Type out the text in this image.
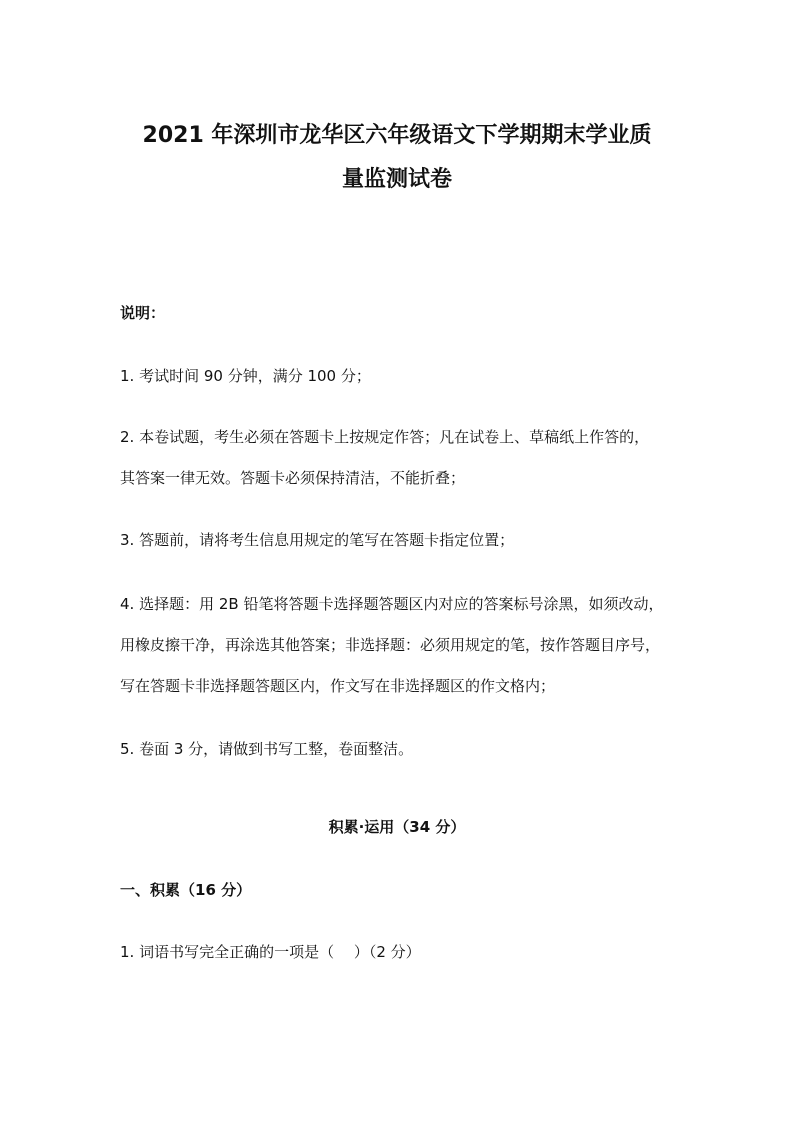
2021 年深圳市龙华区六年级语文下学期期末学业质
量监测试卷
说明：
1. 考试时间 90 分钟，满分 100 分；
2. 本卷试题，考生必须在答题卡上按规定作答；凡在试卷上、草稿纸上作答的，
其答案一律无效。答题卡必须保持清洁，不能折叠；
3. 答题前，请将考生信息用规定的笔写在答题卡指定位置；
4. 选择题：用 2B 铅笔将答题卡选择题答题区内对应的答案标号涂黑，如须改动，
用橡皮擦干净，再涂选其他答案；非选择题：必须用规定的笔，按作答题目序号，
写在答题卡非选择题答题区内，作文写在非选择题区的作文格内；
5. 卷面 3 分，请做到书写工整，卷面整洁。
积累·运用（34 分）
一、积累（16 分）
1. 词语书写完全正确的一项是（　 ）（2 分）
